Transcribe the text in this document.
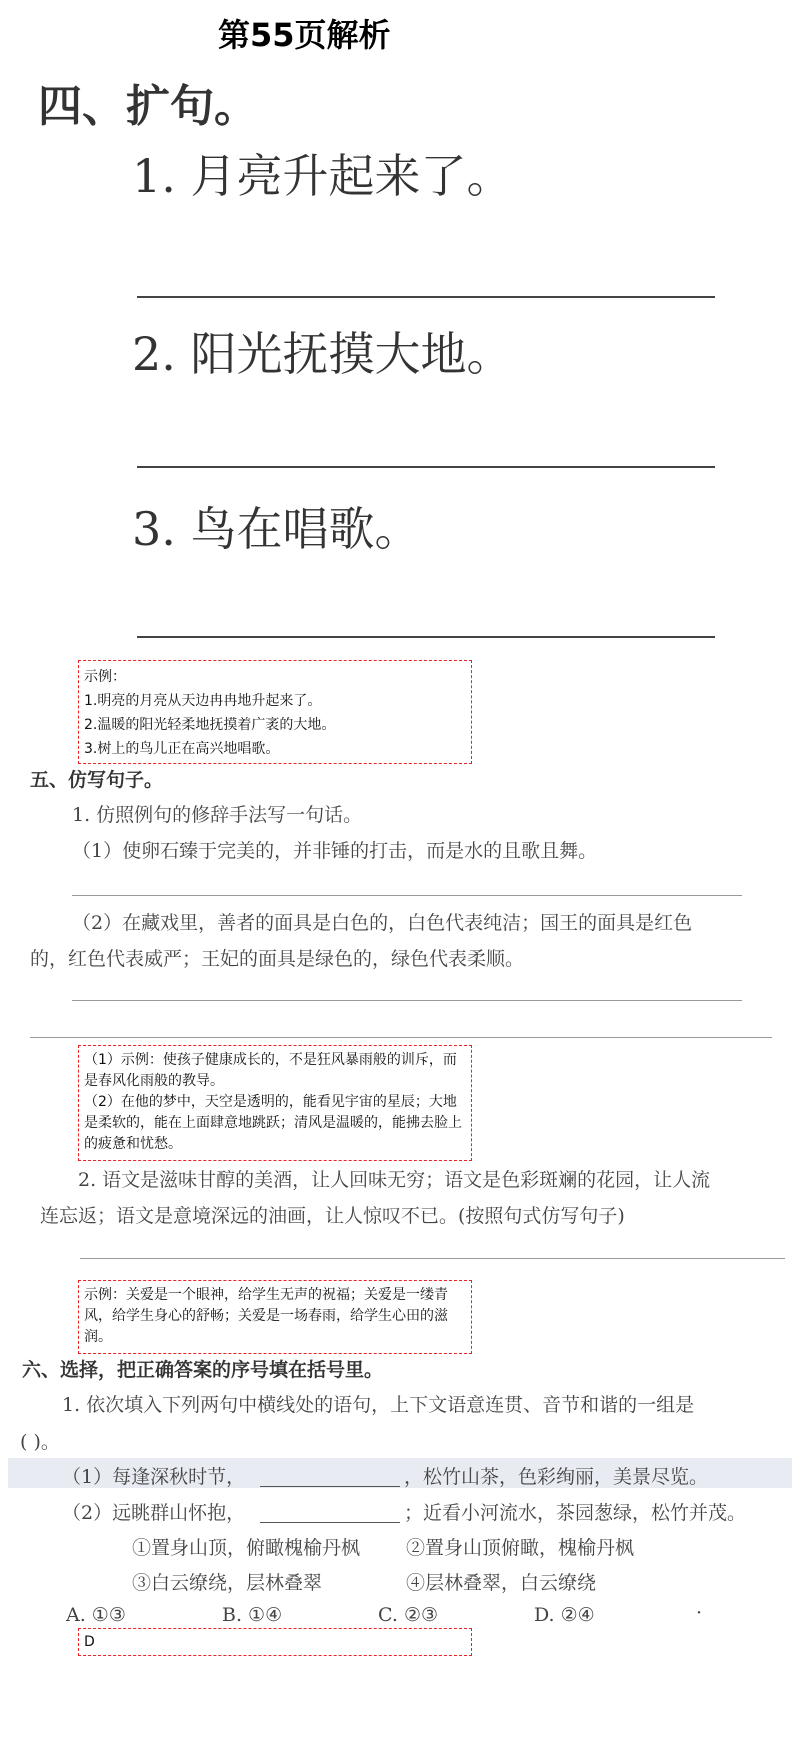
第55页解析
四、扩句。
1. 月亮升起来了。
2. 阳光抚摸大地。
3. 鸟在唱歌。
示例：
1.明亮的月亮从天边冉冉地升起来了。
2.温暖的阳光轻柔地抚摸着广袤的大地。
3.树上的鸟儿正在高兴地唱歌。
五、仿写句子。
1. 仿照例句的修辞手法写一句话。
（1）使卵石臻于完美的，并非锤的打击，而是水的且歌且舞。
（2）在藏戏里，善者的面具是白色的，白色代表纯洁；国王的面具是红色
的，红色代表威严；王妃的面具是绿色的，绿色代表柔顺。
（1）示例：使孩子健康成长的，不是狂风暴雨般的训斥，而是春风化雨般的教导。
（2）在他的梦中，天空是透明的，能看见宇宙的星辰；大地是柔软的，能在上面肆意地跳跃；清风是温暖的，能拂去脸上的疲惫和忧愁。
2. 语文是滋味甘醇的美酒，让人回味无穷；语文是色彩斑斓的花园，让人流
连忘返；语文是意境深远的油画，让人惊叹不已。(按照句式仿写句子)
示例：关爱是一个眼神，给学生无声的祝福；关爱是一缕青风，给学生身心的舒畅；关爱是一场春雨，给学生心田的滋润。
六、选择，把正确答案的序号填在括号里。
1. 依次填入下列两句中横线处的语句，上下文语意连贯、音节和谐的一组是
( )。
（1）每逢深秋时节，	，松竹山茶，色彩绚丽，美景尽览。
（2）远眺群山怀抱，	；近看小河流水，茶园葱绿，松竹并茂。
①置身山顶，俯瞰槐榆丹枫 ②置身山顶俯瞰，槐榆丹枫
③白云缭绕，层林叠翠	④层林叠翠，白云缭绕
A. ①③	B. ①④	C. ②③	D. ②④	·
D
